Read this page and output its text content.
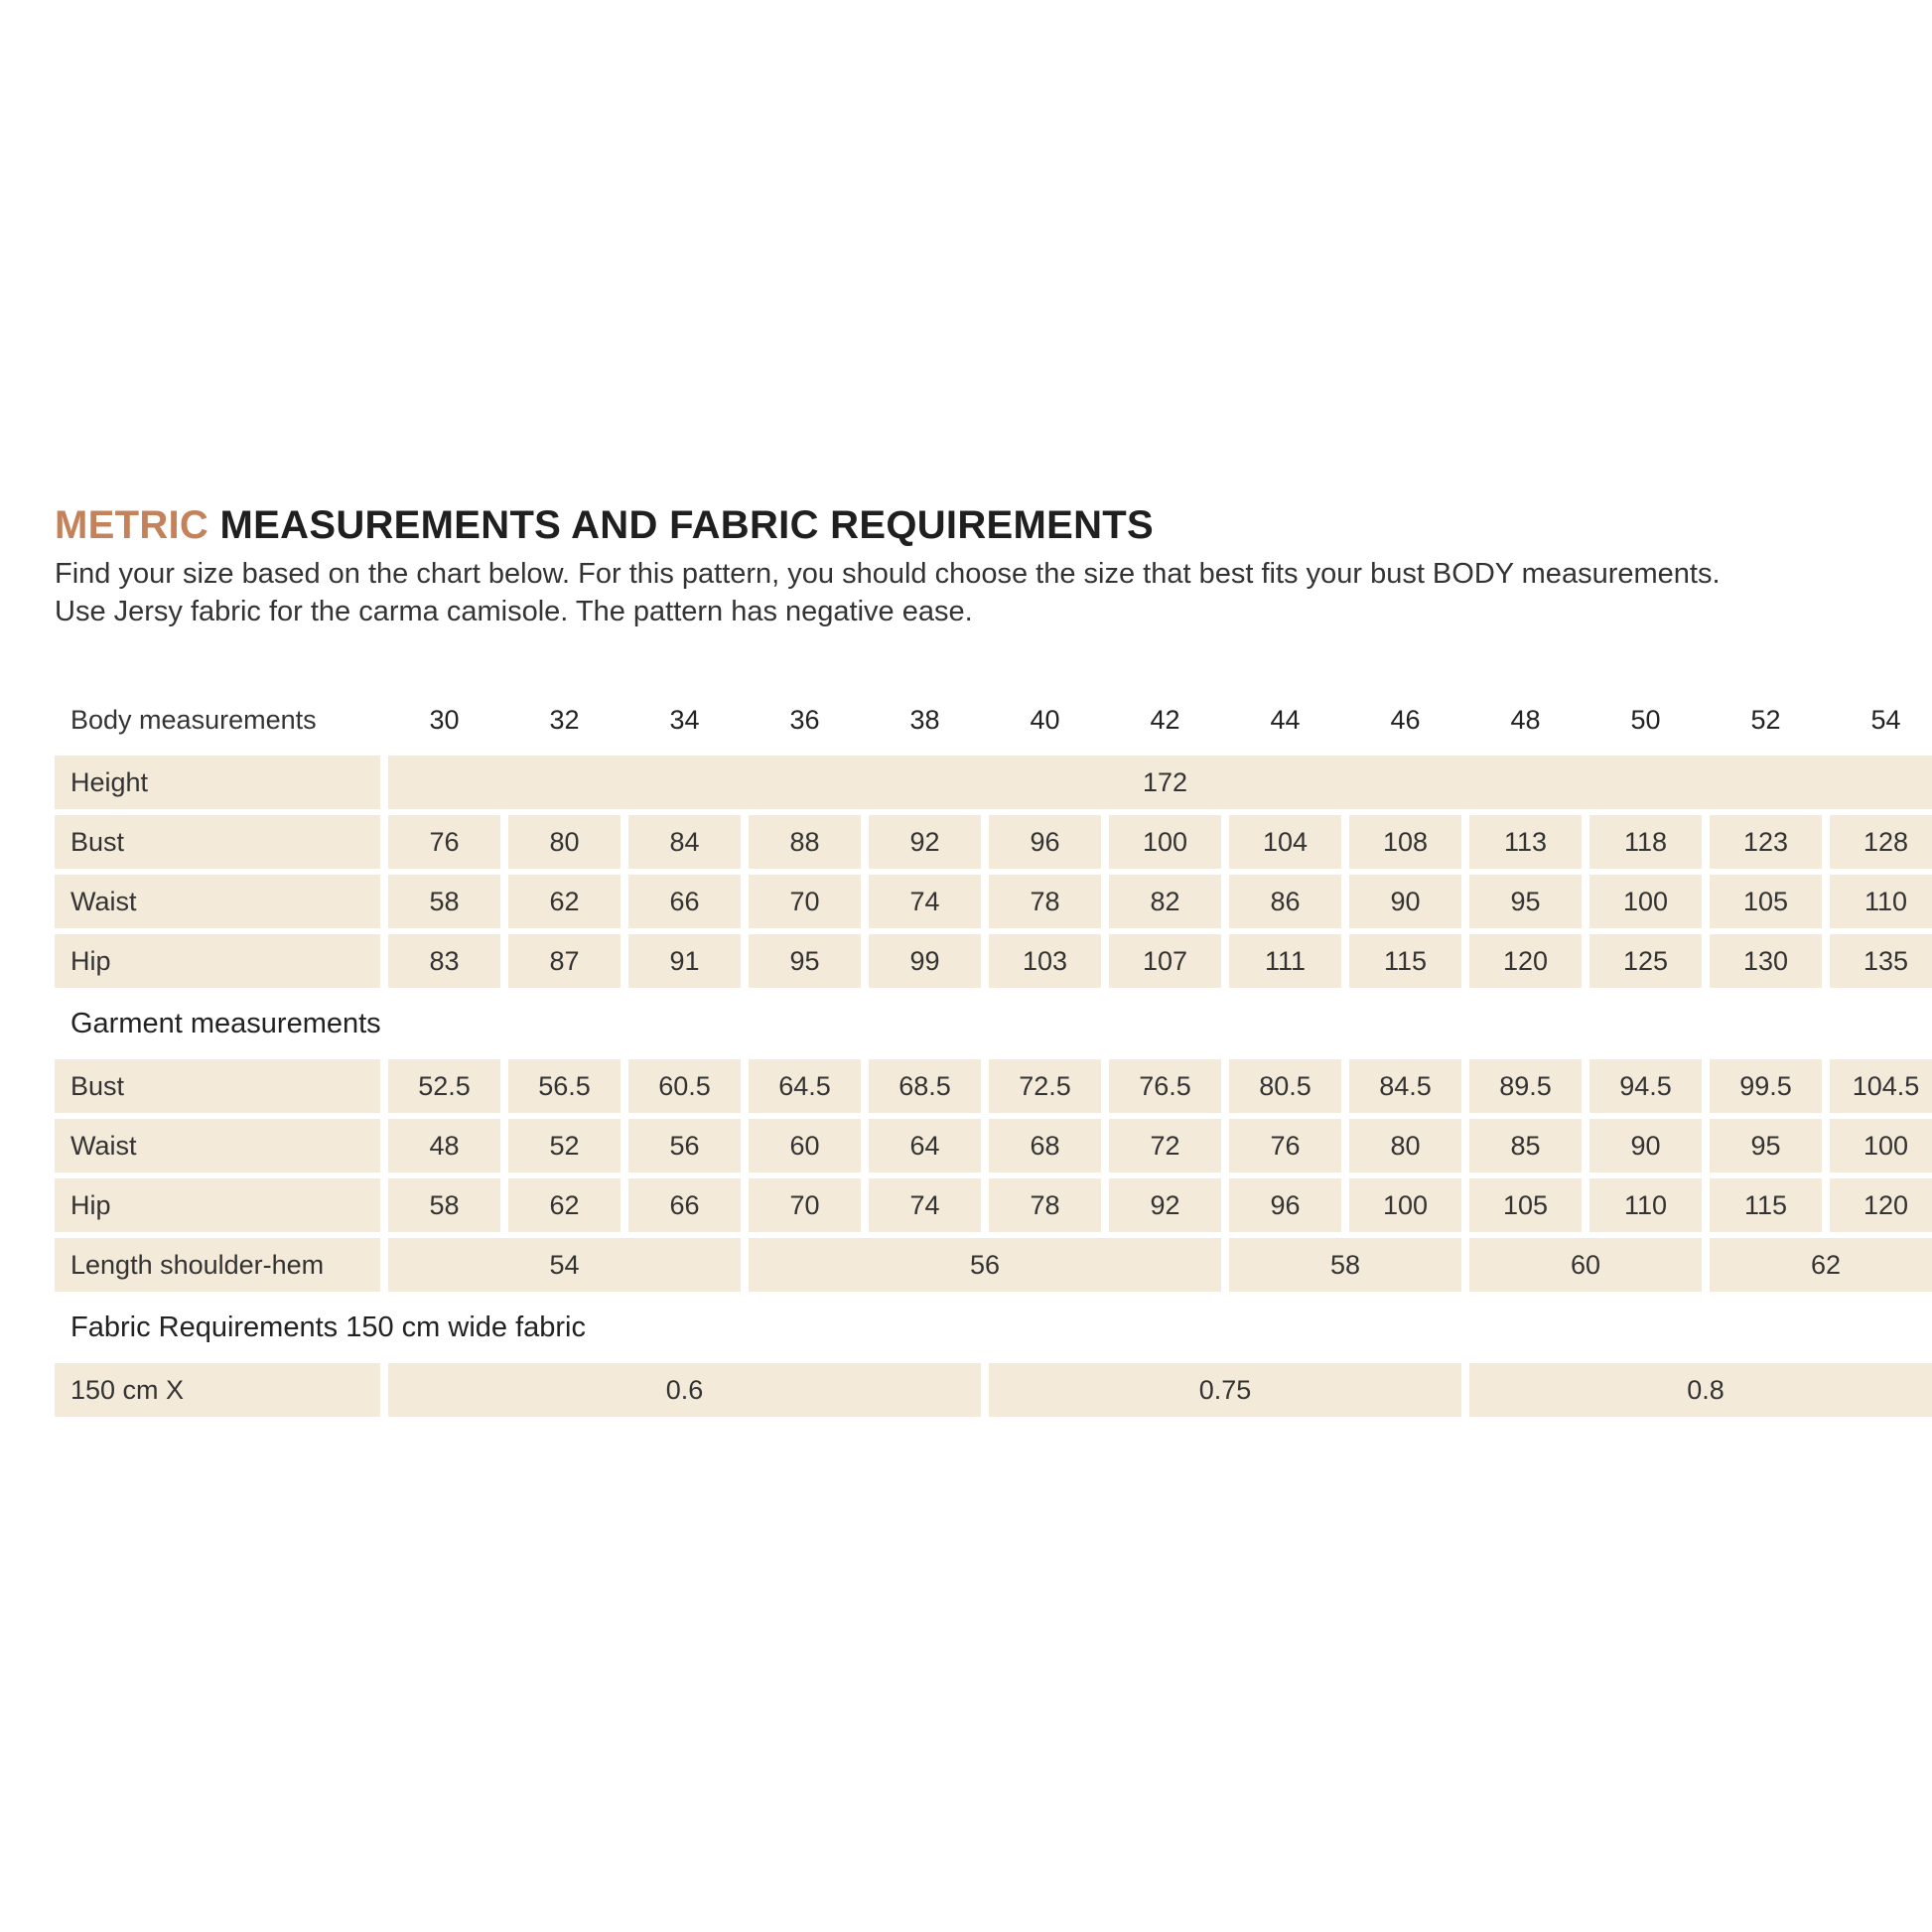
METRIC MEASUREMENTS AND FABRIC REQUIREMENTS
Find your size based on the chart below. For this pattern, you should choose the size that best fits your bust BODY measurements.
Use Jersy fabric for the carma camisole. The pattern has negative ease.
Body measurements	30	32	34	36	38	40	42	44	46	48	50	52	54
Height	172
Bust	76	80	84	88	92	96	100	104	108	113	118	123	128
Waist	58	62	66	70	74	78	82	86	90	95	100	105	110
Hip	83	87	91	95	99	103	107	111	115	120	125	130	135
Garment measurements
Bust	52.5	56.5	60.5	64.5	68.5	72.5	76.5	80.5	84.5	89.5	94.5	99.5	104.5
Waist	48	52	56	60	64	68	72	76	80	85	90	95	100
Hip	58	62	66	70	74	78	92	96	100	105	110	115	120
Length shoulder-hem	54	56	58	60	62
Fabric Requirements 150 cm wide fabric
150 cm X	0.6	0.75	0.8
